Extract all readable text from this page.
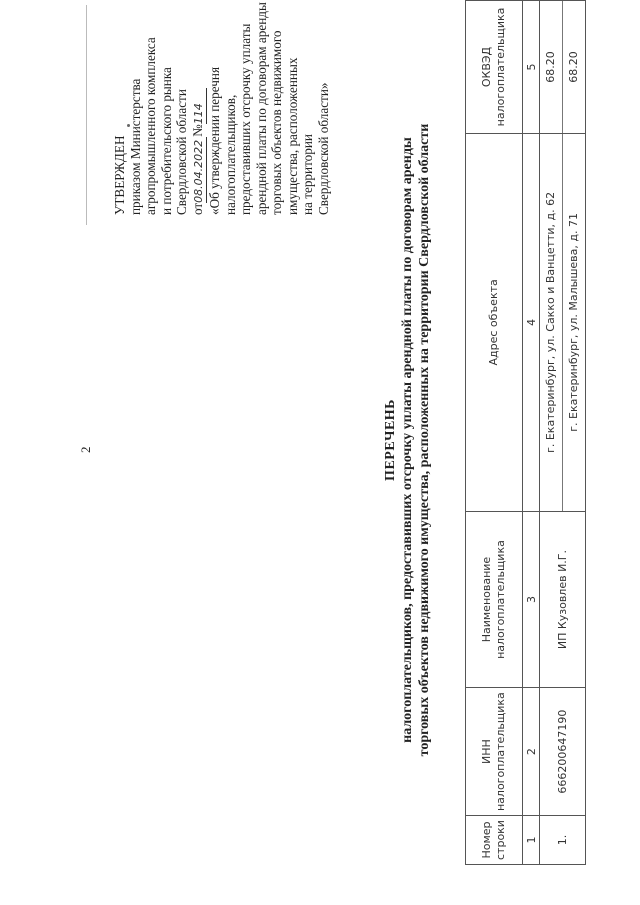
2
УТВЕРЖДЕН приказом Министерства агропромышленного комплекса и потребительского рынка Свердловской области от08.04.2022№114 «Об утверждении перечня налогоплательщиков, предоставивших отсрочку уплаты арендной платы по договорам аренды торговых объектов недвижимого имущества, расположенных на территории Свердловской области»
ПЕРЕЧЕНЬ налогоплательщиков, предоставивших отсрочку уплаты арендной платы по договорам аренды торговых объектов недвижимого имущества, расположенных на территории Свердловской области
Номер строки	ИНН налогоплательщика	Наименование налогоплательщика	Адрес объекта	ОКВЭД налогоплательщика
1	2	3	4	5
1.	666200647190	ИП Кузовлев И.Г.	г. Екатеринбург, ул. Сакко и Ванцетти, д. 62 г. Екатеринбург, ул. Малышева, д. 71	68.20 68.20
